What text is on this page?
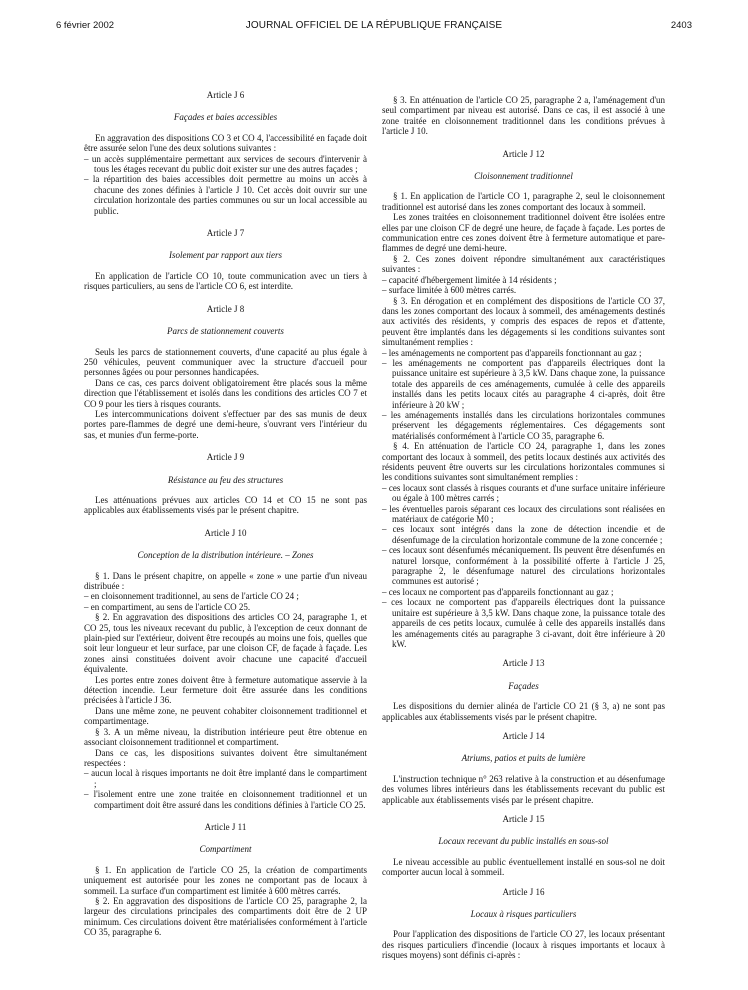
6 février 2002	JOURNAL OFFICIEL DE LA RÉPUBLIQUE FRANÇAISE	2403
Article J 6
Façades et baies accessibles

En aggravation des dispositions CO 3 et CO 4, l'accessibilité en façade doit être assurée selon l'une des deux solutions suivantes :

– un accès supplémentaire permettant aux services de secours d'intervenir à tous les étages recevant du public doit exister sur une des autres façades ;
– la répartition des baies accessibles doit permettre au moins un accès à chacune des zones définies à l'article J 10. Cet accès doit ouvrir sur une circulation horizontale des parties communes ou sur un local accessible au public.
Article J 7
Isolement par rapport aux tiers

En application de l'article CO 10, toute communication avec un tiers à risques particuliers, au sens de l'article CO 6, est interdite.

Article J 8
Parcs de stationnement couverts

Seuls les parcs de stationnement couverts, d'une capacité au plus égale à 250 véhicules, peuvent communiquer avec la structure d'accueil pour personnes âgées ou pour personnes handicapées.

Dans ce cas, ces parcs doivent obligatoirement être placés sous la même direction que l'établissement et isolés dans les conditions des articles CO 7 et CO 9 pour les tiers à risques courants.

Les intercommunications doivent s'effectuer par des sas munis de deux portes pare-flammes de degré une demi-heure, s'ouvrant vers l'intérieur du sas, et munies d'un ferme-porte.

Article J 9
Résistance au feu des structures

Les atténuations prévues aux articles CO 14 et CO 15 ne sont pas applicables aux établissements visés par le présent chapitre.

Article J 10
Conception de la distribution intérieure. – Zones

§ 1. Dans le présent chapitre, on appelle « zone » une partie d'un niveau distribuée :

– en cloisonnement traditionnel, au sens de l'article CO 24 ;
– en compartiment, au sens de l'article CO 25.

§ 2. En aggravation des dispositions des articles CO 24, paragraphe 1, et CO 25, tous les niveaux recevant du public, à l'exception de ceux donnant de plain-pied sur l'extérieur, doivent être recoupés au moins une fois, quelles que soit leur longueur et leur surface, par une cloison CF, de façade à façade. Les zones ainsi constituées doivent avoir chacune une capacité d'accueil équivalente.

Les portes entre zones doivent être à fermeture automatique asservie à la détection incendie. Leur fermeture doit être assurée dans les conditions précisées à l'article J 36.

Dans une même zone, ne peuvent cohabiter cloisonnement traditionnel et compartimentage.

§ 3. A un même niveau, la distribution intérieure peut être obtenue en associant cloisonnement traditionnel et compartiment.

Dans ce cas, les dispositions suivantes doivent être simultanément respectées :

– aucun local à risques importants ne doit être implanté dans le compartiment ;
– l'isolement entre une zone traitée en cloisonnement traditionnel et un compartiment doit être assuré dans les conditions définies à l'article CO 25.
Article J 11
Compartiment

§ 1. En application de l'article CO 25, la création de compartiments uniquement est autorisée pour les zones ne comportant pas de locaux à sommeil. La surface d'un compartiment est limitée à 600 mètres carrés.

§ 2. En aggravation des dispositions de l'article CO 25, paragraphe 2, la largeur des circulations principales des compartiments doit être de 2 UP minimum. Ces circulations doivent être matérialisées conformément à l'article CO 35, paragraphe 6.

§ 3. En atténuation de l'article CO 25, paragraphe 2 a, l'aménagement d'un seul compartiment par niveau est autorisé. Dans ce cas, il est associé à une zone traitée en cloisonnement traditionnel dans les conditions prévues à l'article J 10.

Article J 12
Cloisonnement traditionnel

§ 1. En application de l'article CO 1, paragraphe 2, seul le cloisonnement traditionnel est autorisé dans les zones comportant des locaux à sommeil.

Les zones traitées en cloisonnement traditionnel doivent être isolées entre elles par une cloison CF de degré une heure, de façade à façade. Les portes de communication entre ces zones doivent être à fermeture automatique et pare-flammes de degré une demi-heure.

§ 2. Ces zones doivent répondre simultanément aux caractéristiques suivantes :

– capacité d'hébergement limitée à 14 résidents ;
– surface limitée à 600 mètres carrés.

§ 3. En dérogation et en complément des dispositions de l'article CO 37, dans les zones comportant des locaux à sommeil, des aménagements destinés aux activités des résidents, y compris des espaces de repos et d'attente, peuvent être implantés dans les dégagements si les conditions suivantes sont simultanément remplies :

– les aménagements ne comportent pas d'appareils fonctionnant au gaz ;
– les aménagements ne comportent pas d'appareils électriques dont la puissance unitaire est supérieure à 3,5 kW. Dans chaque zone, la puissance totale des appareils de ces aménagements, cumulée à celle des appareils installés dans les petits locaux cités au paragraphe 4 ci-après, doit être inférieure à 20 kW ;
– les aménagements installés dans les circulations horizontales communes préservent les dégagements réglementaires. Ces dégagements sont matérialisés conformément à l'article CO 35, paragraphe 6.

§ 4. En atténuation de l'article CO 24, paragraphe 1, dans les zones comportant des locaux à sommeil, des petits locaux destinés aux activités des résidents peuvent être ouverts sur les circulations horizontales communes si les conditions suivantes sont simultanément remplies :

– ces locaux sont classés à risques courants et d'une surface unitaire inférieure ou égale à 100 mètres carrés ;
– les éventuelles parois séparant ces locaux des circulations sont réalisées en matériaux de catégorie M0 ;
– ces locaux sont intégrés dans la zone de détection incendie et de désenfumage de la circulation horizontale commune de la zone concernée ;
– ces locaux sont désenfumés mécaniquement. Ils peuvent être désenfumés en naturel lorsque, conformément à la possibilité offerte à l'article J 25, paragraphe 2, le désenfumage naturel des circulations horizontales communes est autorisé ;
– ces locaux ne comportent pas d'appareils fonctionnant au gaz ;
– ces locaux ne comportent pas d'appareils électriques dont la puissance unitaire est supérieure à 3,5 kW. Dans chaque zone, la puissance totale des appareils de ces petits locaux, cumulée à celle des appareils installés dans les aménagements cités au paragraphe 3 ci-avant, doit être inférieure à 20 kW.
Article J 13
Façades

Les dispositions du dernier alinéa de l'article CO 21 (§ 3, a) ne sont pas applicables aux établissements visés par le présent chapitre.

Article J 14
Atriums, patios et puits de lumière

L'instruction technique n° 263 relative à la construction et au désenfumage des volumes libres intérieurs dans les établissements recevant du public est applicable aux établissements visés par le présent chapitre.

Article J 15
Locaux recevant du public installés en sous-sol

Le niveau accessible au public éventuellement installé en sous-sol ne doit comporter aucun local à sommeil.

Article J 16
Locaux à risques particuliers

Pour l'application des dispositions de l'article CO 27, les locaux présentant des risques particuliers d'incendie (locaux à risques importants et locaux à risques moyens) sont définis ci-après :
